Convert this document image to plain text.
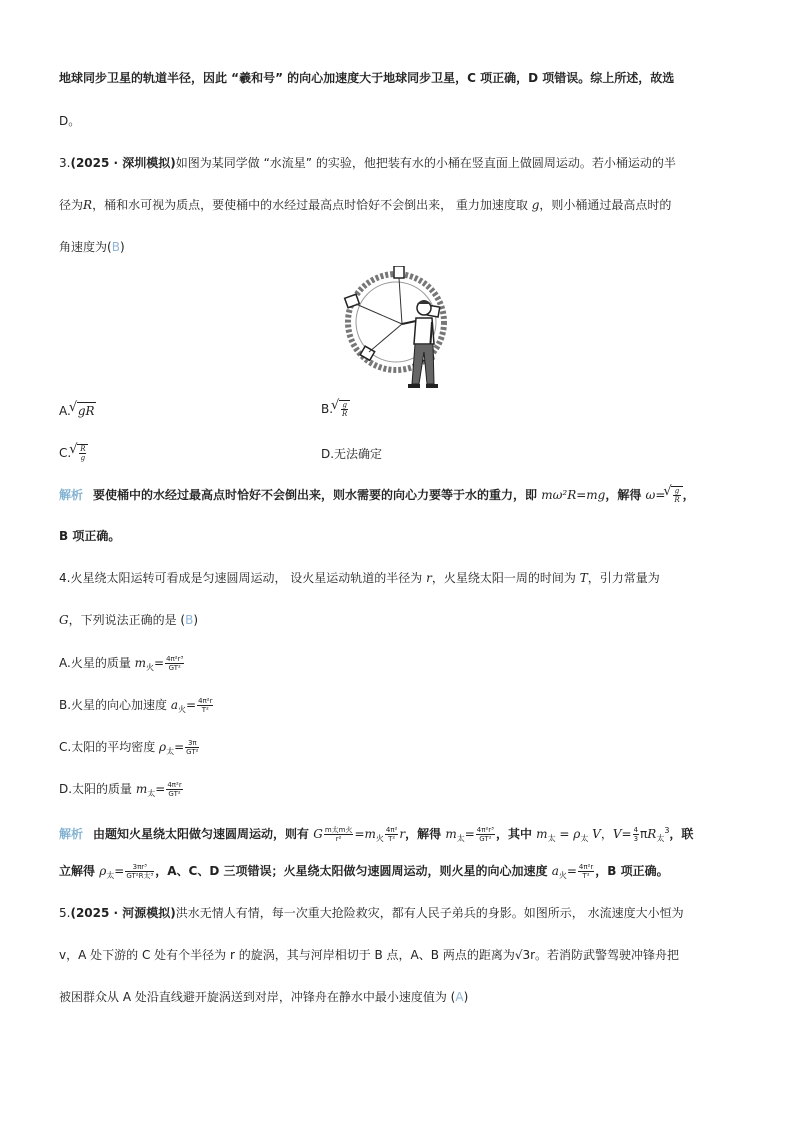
地球同步卫星的轨道半径，因此 “羲和号” 的向心加速度大于地球同步卫星，C 项正确，D 项错误。综上所述，故选
D。
3.(2025 · 深圳模拟)如图为某同学做 “水流星” 的实验，他把装有水的小桶在竖直面上做圆周运动。若小桶运动的半
径为R，桶和水可视为质点，要使桶中的水经过最高点时恰好不会倒出来， 重力加速度取 g，则小桶通过最高点时的
角速度为(B)
A. √ gR	B. √ $\frac{g}{R}$
C. √ $\frac{R}{g}$	D.无法确定
解析 要使桶中的水经过最高点时恰好不会倒出来，则水需要的向心力要等于水的重力，即 mω²R=mg，解得 ω= √ $\frac{g}{R}$ ，
B 项正确。
4.火星绕太阳运转可看成是匀速圆周运动， 设火星运动轨道的半径为 r，火星绕太阳一周的时间为 T，引力常量为
G，下列说法正确的是 (B)
A.火星的质量 $m_火= \frac{\text{4π²r³}}{\text{GT²}}$
B.火星的向心加速度 $a_火= \frac{\text{4π²r}}{\text{T²}}$
C.太阳的平均密度 $\rho_太= \frac{3\pi}{\text{GT²}}$
D.太阳的质量 $m_太= \frac{\text{4π²r}}{\text{GT²}}$
解析 由题知火星绕太阳做匀速圆周运动，则有 G $\frac{\text{m太m火}}{\text{r²}} =m_火 \frac{\text{4π²}}{\text{T²}}$ r，解得 $m_太= \frac{\text{4π²r³}}{\text{GT²}}$ ，其中 $m_太 = \rho_太$ V，$V= \frac{4}{3} \pi R_太^3$，联
立解得 $\rho_太= \frac{\text{3πr³}}{\text{GT²R太³}}$ ，A、C、D 三项错误；火星绕太阳做匀速圆周运动，则火星的向心加速度 $a_火= \frac{\text{4π²r}}{\text{T²}}$ ，B 项正确。
5.(2025 · 河源模拟)洪水无情人有情，每一次重大抢险救灾，都有人民子弟兵的身影。如图所示， 水流速度大小恒为
v，A 处下游的 C 处有个半径为 r 的旋涡，其与河岸相切于 B 点，A、B 两点的距离为√3r。若消防武警驾驶冲锋舟把
被困群众从 A 处沿直线避开旋涡送到对岸，冲锋舟在静水中最小速度值为 (A)
